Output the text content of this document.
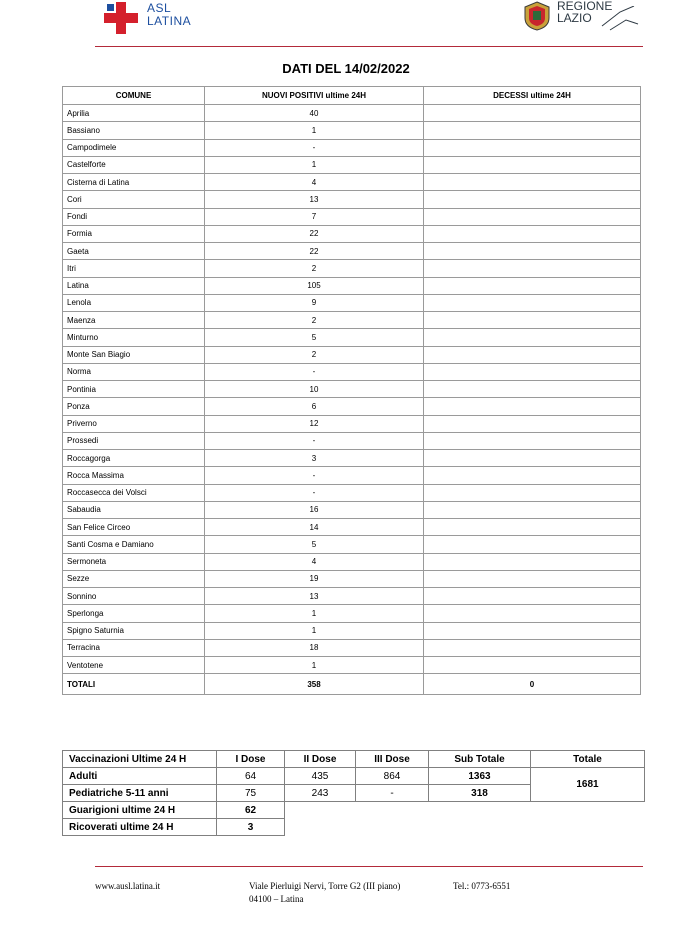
ASL
LATINA
REGIONE
LAZIO
DATI DEL 14/02/2022
COMUNE	NUOVI POSITIVI ultime 24H	DECESSI ultime 24H
Aprilia	40	
Bassiano	1	
Campodimele	-	
Castelforte	1	
Cisterna di Latina	4	
Cori	13	
Fondi	7	
Formia	22	
Gaeta	22	
Itri	2	
Latina	105	
Lenola	9	
Maenza	2	
Minturno	5	
Monte San Biagio	2	
Norma	-	
Pontinia	10	
Ponza	6	
Priverno	12	
Prossedi	-	
Roccagorga	3	
Rocca Massima	-	
Roccasecca dei Volsci	-	
Sabaudia	16	
San Felice Circeo	14	
Santi Cosma e Damiano	5	
Sermoneta	4	
Sezze	19	
Sonnino	13	
Sperlonga	1	
Spigno Saturnia	1	
Terracina	18	
Ventotene	1	
TOTALI	358	0
Vaccinazioni Ultime 24 H	I Dose	II Dose	III Dose	Sub Totale	Totale
Adulti	64	435	864	1363	1681
Pediatriche 5-11 anni	75	243	-	318	
Guarigioni ultime 24 H	62				
Ricoverati ultime 24 H	3				
www.ausl.latina.it	Viale Pierluigi Nervi, Torre G2 (III piano)
04100 – Latina
Tel.: 0773-6551
